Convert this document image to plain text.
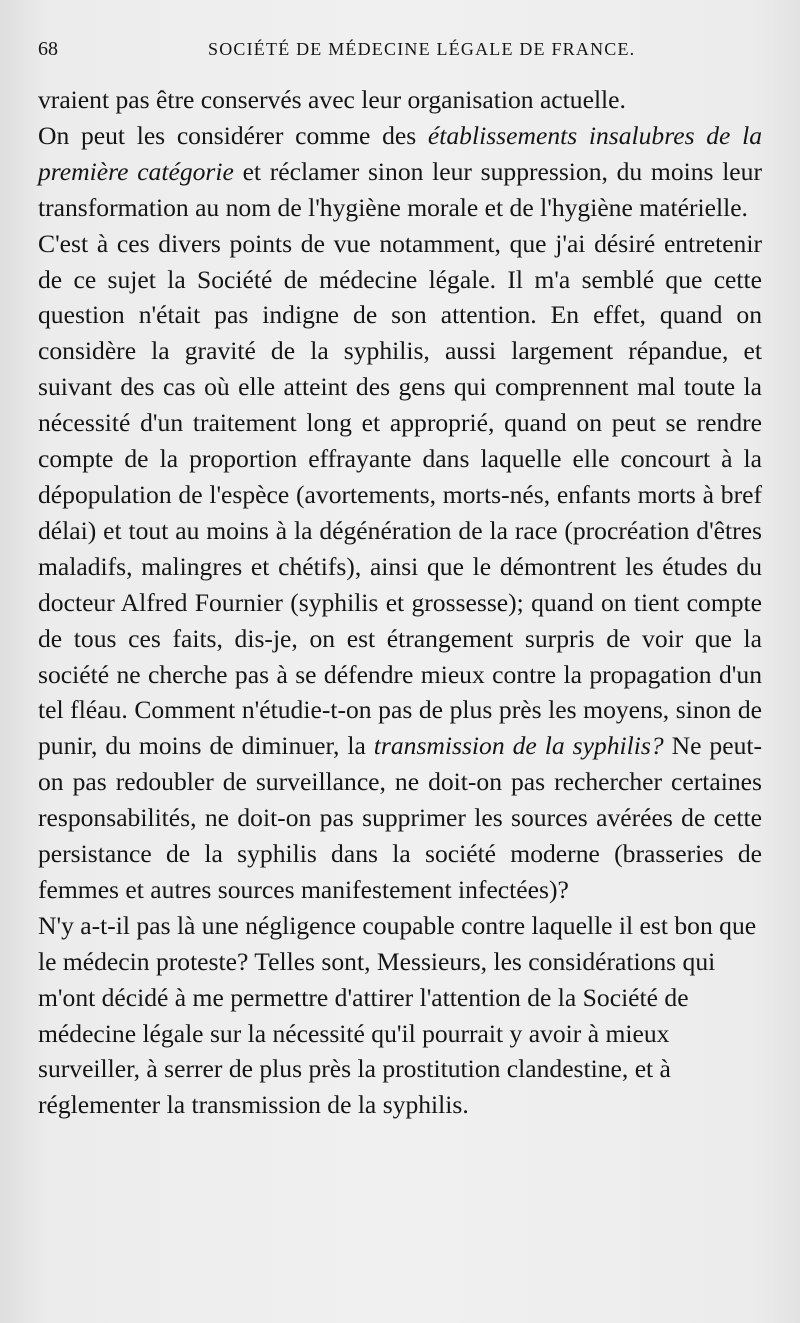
68	SOCIÉTÉ DE MÉDECINE LÉGALE DE FRANCE.

vraient pas être conservés avec leur organisation actuelle.

On peut les considérer comme des établissements insalubres de la première catégorie et réclamer sinon leur suppression, du moins leur transformation au nom de l'hygiène morale et de l'hygiène matérielle.

C'est à ces divers points de vue notamment, que j'ai désiré entretenir de ce sujet la Société de médecine légale. Il m'a semblé que cette question n'était pas indigne de son attention. En effet, quand on considère la gravité de la syphilis, aussi largement répandue, et suivant des cas où elle atteint des gens qui comprennent mal toute la nécessité d'un traitement long et approprié, quand on peut se rendre compte de la proportion effrayante dans laquelle elle concourt à la dépopulation de l'espèce (avortements, morts-nés, enfants morts à bref délai) et tout au moins à la dégénération de la race (procréation d'êtres maladifs, malingres et chétifs), ainsi que le démontrent les études du docteur Alfred Fournier (syphilis et grossesse); quand on tient compte de tous ces faits, dis-je, on est étrangement surpris de voir que la société ne cherche pas à se défendre mieux contre la propagation d'un tel fléau. Comment n'étudie-t-on pas de plus près les moyens, sinon de punir, du moins de diminuer, la transmission de la syphilis? Ne peut-on pas redoubler de surveillance, ne doit-on pas rechercher certaines responsabilités, ne doit-on pas supprimer les sources avérées de cette persistance de la syphilis dans la société moderne (brasseries de femmes et autres sources manifestement infectées)?

N'y a-t-il pas là une négligence coupable contre laquelle il est bon que le médecin proteste? Telles sont, Messieurs, les considérations qui m'ont décidé à me permettre d'attirer l'attention de la Société de médecine légale sur la nécessité qu'il pourrait y avoir à mieux surveiller, à serrer de plus près la prostitution clandestine, et à réglementer la transmission de la syphilis.
